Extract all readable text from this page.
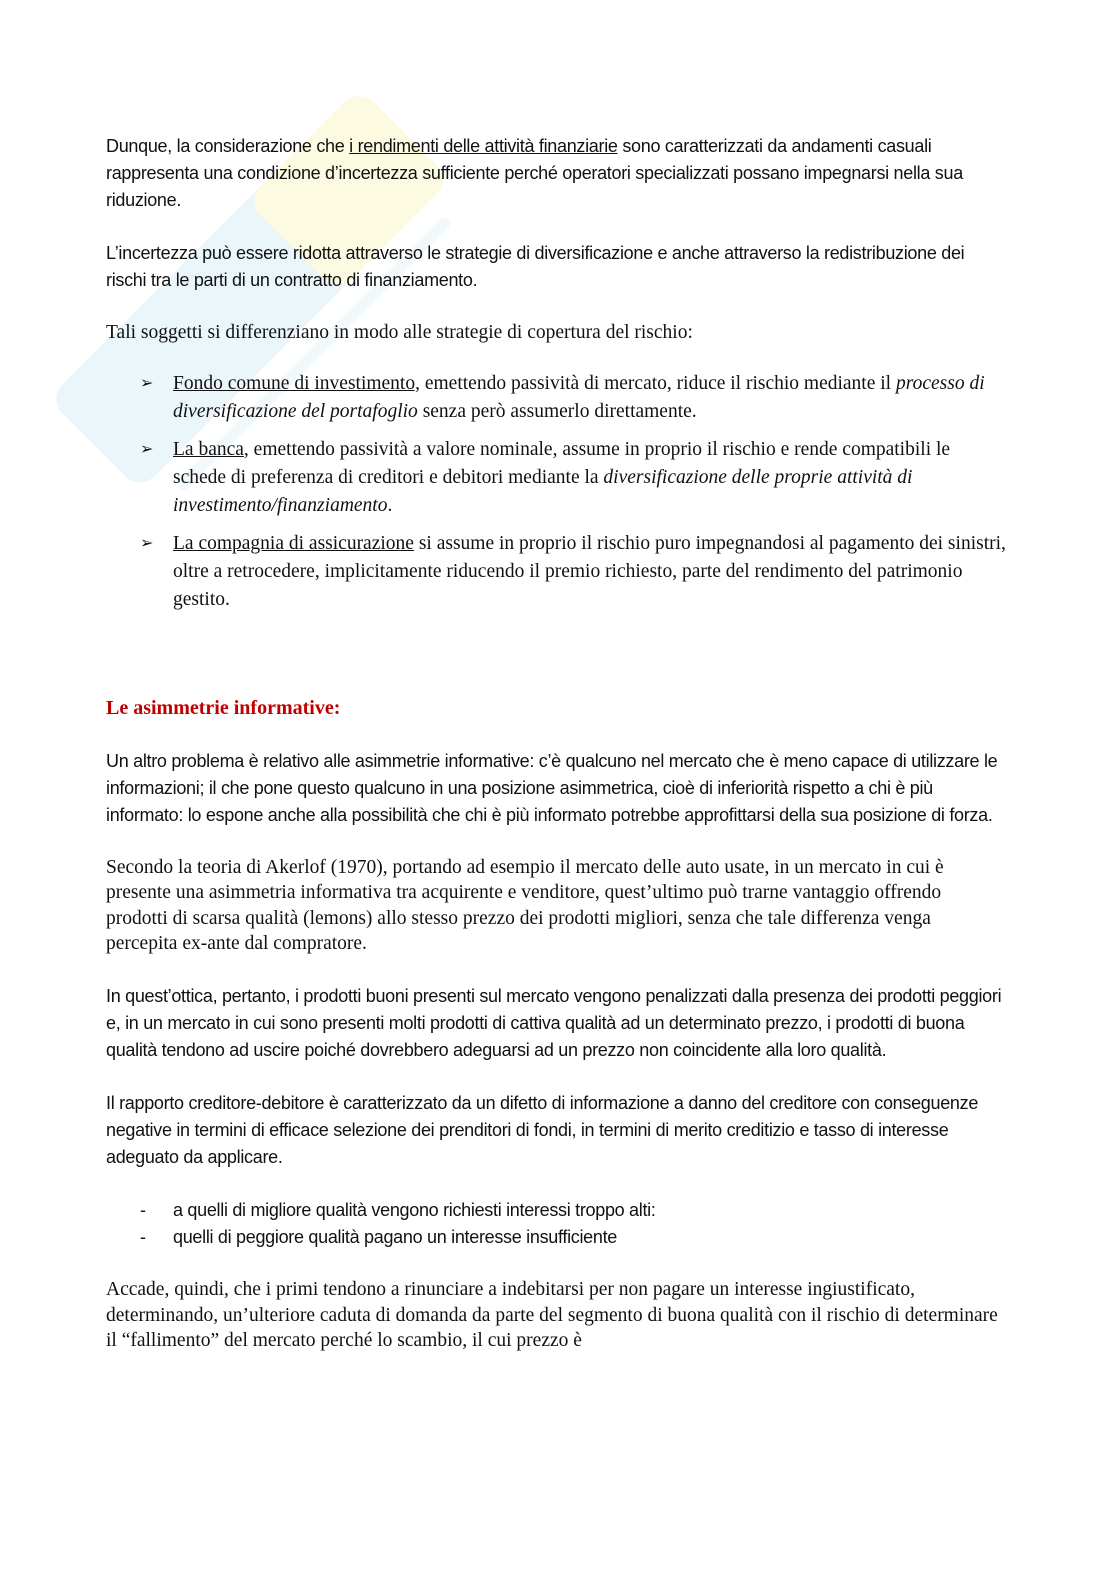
Dunque, la considerazione che i rendimenti delle attività finanziarie sono caratterizzati da andamenti casuali rappresenta una condizione d’incertezza sufficiente perché operatori specializzati possano impegnarsi nella sua riduzione.

L’incertezza può essere ridotta attraverso le strategie di diversificazione e anche attraverso la redistribuzione dei rischi tra le parti di un contratto di finanziamento.

Tali soggetti si differenziano in modo alle strategie di copertura del rischio:

➢ Fondo comune di investimento, emettendo passività di mercato, riduce il rischio mediante il processo di diversificazione del portafoglio senza però assumerlo direttamente.
➢ La banca, emettendo passività a valore nominale, assume in proprio il rischio e rende compatibili le schede di preferenza di creditori e debitori mediante la diversificazione delle proprie attività di investimento/finanziamento.
➢ La compagnia di assicurazione si assume in proprio il rischio puro impegnandosi al pagamento dei sinistri, oltre a retrocedere, implicitamente riducendo il premio richiesto, parte del rendimento del patrimonio gestito.

Le asimmetrie informative:

Un altro problema è relativo alle asimmetrie informative: c’è qualcuno nel mercato che è meno capace di utilizzare le informazioni; il che pone questo qualcuno in una posizione asimmetrica, cioè di inferiorità rispetto a chi è più informato: lo espone anche alla possibilità che chi è più informato potrebbe approfittarsi della sua posizione di forza.

Secondo la teoria di Akerlof (1970), portando ad esempio il mercato delle auto usate, in un mercato in cui è presente una asimmetria informativa tra acquirente e venditore, quest’ultimo può trarne vantaggio offrendo prodotti di scarsa qualità (lemons) allo stesso prezzo dei prodotti migliori, senza che tale differenza venga percepita ex-ante dal compratore.

In quest’ottica, pertanto, i prodotti buoni presenti sul mercato vengono penalizzati dalla presenza dei prodotti peggiori e, in un mercato in cui sono presenti molti prodotti di cattiva qualità ad un determinato prezzo, i prodotti di buona qualità tendono ad uscire poiché dovrebbero adeguarsi ad un prezzo non coincidente alla loro qualità.

Il rapporto creditore-debitore è caratterizzato da un difetto di informazione a danno del creditore con conseguenze negative in termini di efficace selezione dei prenditori di fondi, in termini di merito creditizio e tasso di interesse adeguato da applicare.

- a quelli di migliore qualità vengono richiesti interessi troppo alti:
- quelli di peggiore qualità pagano un interesse insufficiente

Accade, quindi, che i primi tendono a rinunciare a indebitarsi per non pagare un interesse ingiustificato, determinando, un’ulteriore caduta di domanda da parte del segmento di buona qualità con il rischio di determinare il “fallimento” del mercato perché lo scambio, il cui prezzo è
